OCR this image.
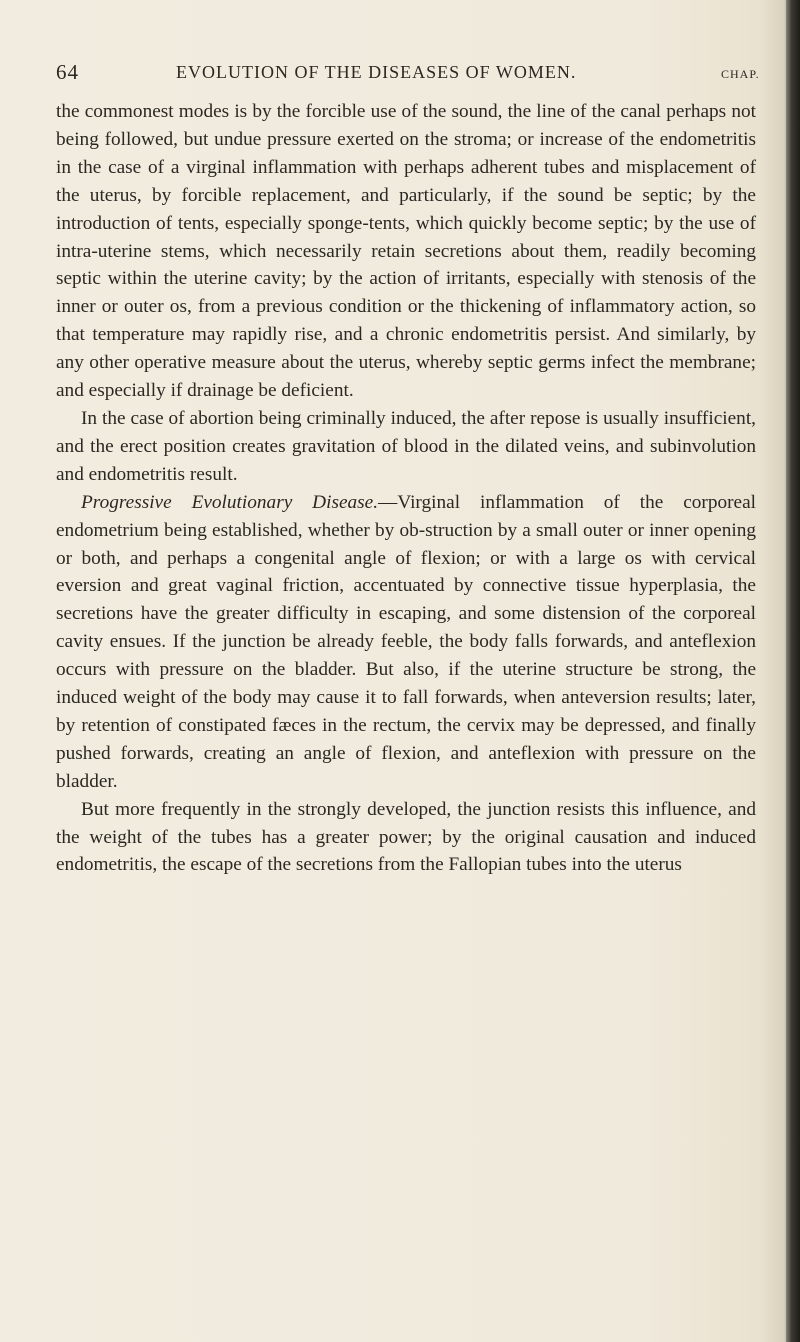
64	EVOLUTION OF THE DISEASES OF WOMEN.	CHAP.

the commonest modes is by the forcible use of the sound, the line of the canal perhaps not being followed, but undue pressure exerted on the stroma; or increase of the endometritis in the case of a virginal inflammation with perhaps adherent tubes and misplacement of the uterus, by forcible replacement, and particularly, if the sound be septic; by the introduction of tents, especially sponge-tents, which quickly become septic; by the use of intra-uterine stems, which necessarily retain secretions about them, readily becoming septic within the uterine cavity; by the action of irritants, especially with stenosis of the inner or outer os, from a previous condition or the thickening of inflammatory action, so that temperature may rapidly rise, and a chronic endometritis persist. And similarly, by any other operative measure about the uterus, whereby septic germs infect the membrane; and especially if drainage be deficient.

In the case of abortion being criminally induced, the after repose is usually insufficient, and the erect position creates gravitation of blood in the dilated veins, and subinvolution and endometritis result.

Progressive Evolutionary Disease.—Virginal inflammation of the corporeal endometrium being established, whether by ob-struction by a small outer or inner opening or both, and perhaps a congenital angle of flexion; or with a large os with cervical eversion and great vaginal friction, accentuated by connective tissue hyperplasia, the secretions have the greater difficulty in escaping, and some distension of the corporeal cavity ensues. If the junction be already feeble, the body falls forwards, and anteflexion occurs with pressure on the bladder. But also, if the uterine structure be strong, the induced weight of the body may cause it to fall forwards, when anteversion results; later, by retention of constipated fæces in the rectum, the cervix may be depressed, and finally pushed forwards, creating an angle of flexion, and anteflexion with pressure on the bladder.

But more frequently in the strongly developed, the junction resists this influence, and the weight of the tubes has a greater power; by the original causation and induced endometritis, the escape of the secretions from the Fallopian tubes into the uterus
